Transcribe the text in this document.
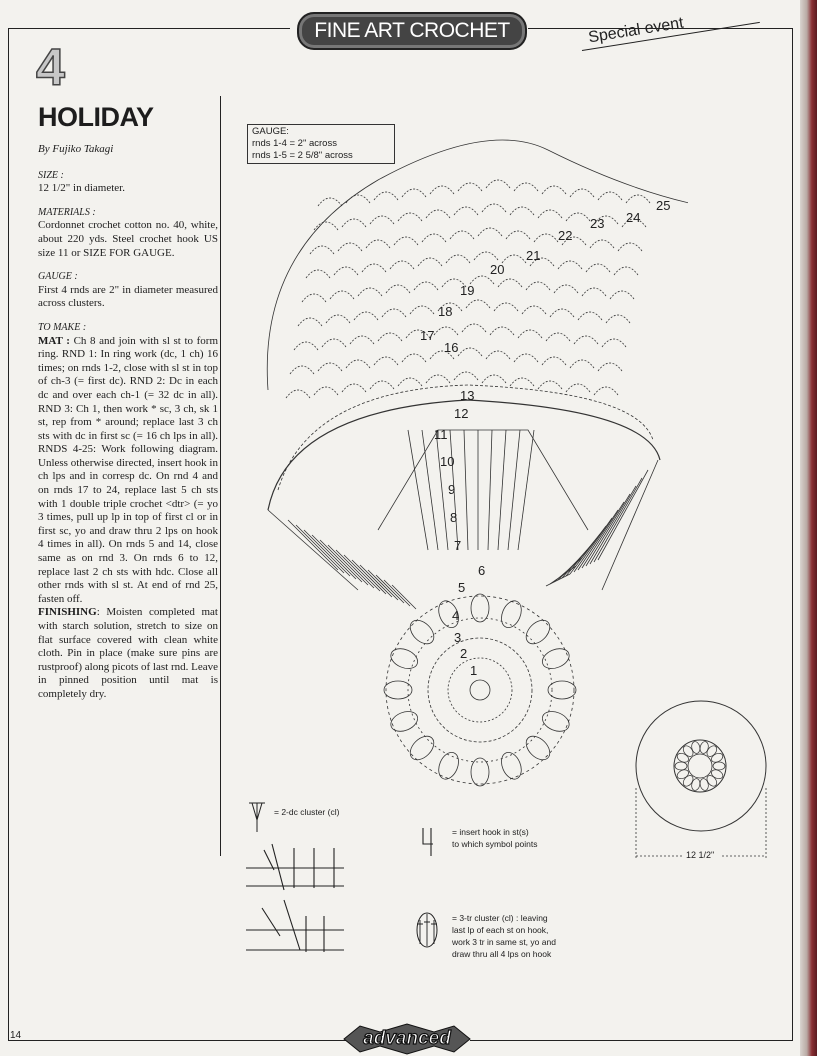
FINE ART CROCHET	Special event
4
HOLIDAY
By Fujiko Takagi
SIZE :

12 1/2" in diameter.

MATERIALS :

Cordonnet crochet cotton no. 40, white, about 220 yds. Steel crochet hook US size 11 or SIZE FOR GAUGE.

GAUGE :

First 4 rnds are 2" in diameter measured across clusters.

TO MAKE :

MAT : Ch 8 and join with sl st to form ring. RND 1: In ring work (dc, 1 ch) 16 times; on rnds 1-2, close with sl st in top of ch-3 (= first dc). RND 2: Dc in each dc and over each ch-1 (= 32 dc in all). RND 3: Ch 1, then work * sc, 3 ch, sk 1 st, rep from * around; replace last 3 ch sts with dc in first sc (= 16 ch lps in all). RNDS 4-25: Work following diagram. Unless otherwise directed, insert hook in ch lps and in corresp dc. On rnd 4 and on rnds 17 to 24, replace last 5 ch sts with 1 double triple crochet <dtr> (= yo 3 times, pull up lp in top of first cl or in first sc, yo and draw thru 2 lps on hook 4 times in all). On rnds 5 and 14, close same as on rnd 3. On rnds 6 to 12, replace last 2 ch sts with hdc. Close all other rnds with sl st. At end of rnd 25, fasten off.

FINISHING: Moisten completed mat with starch solution, stretch to size on flat surface covered with clean white cloth. Pin in place (make sure pins are rustproof) along picots of last rnd. Leave in pinned position until mat is completely dry.

GAUGE:
rnds 1-4 = 2" across
rnds 1-5 = 2 5/8" across
1
2
3
4
5
6
7
8
9
10
11
12
13
16
17
18
19
20
21
22
23 24
25
= 2-dc cluster (cl)
= insert hook in st(s)
to which symbol points
= 3-tr cluster (cl) : leaving
last lp of each st on hook,
work 3 tr in same st, yo and
draw thru all 4 lps on hook
12 1/2"
14	advanced
